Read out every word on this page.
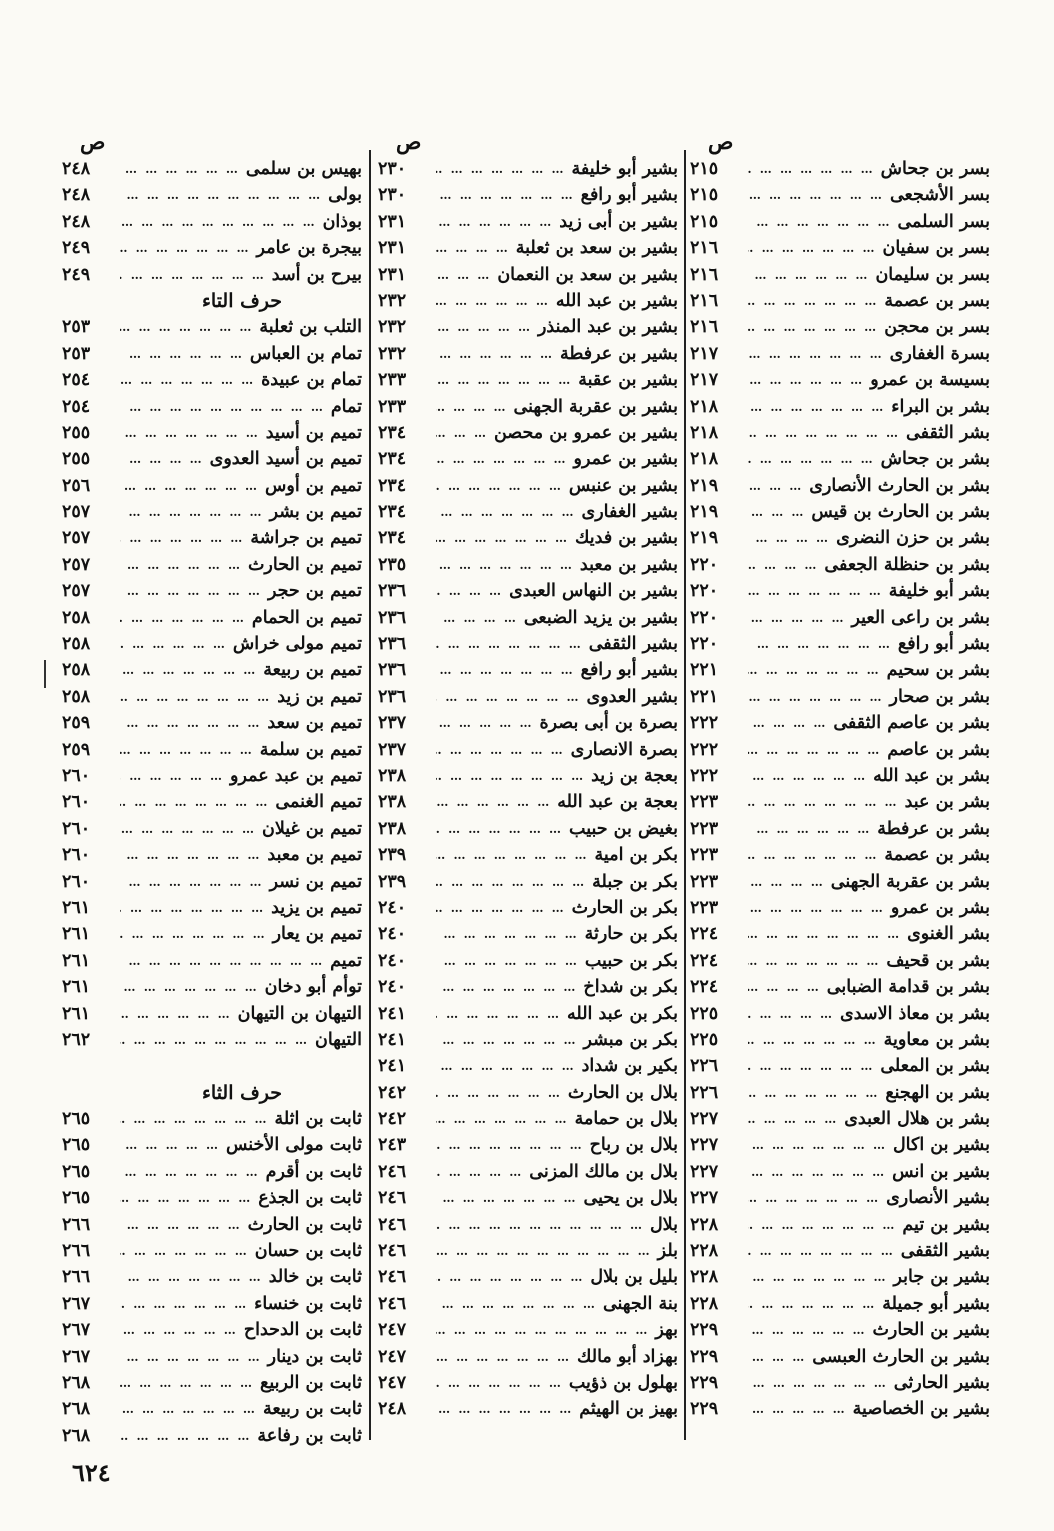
ص
بسر بن جحاش
… … … … … … … … … … … …
٢١٥
بسر الأشجعى
… … … … … … … … … … … …
٢١٥
بسر السلمى
… … … … … … … … … … … …
٢١٥
بسر بن سفيان
… … … … … … … … … … … …
٢١٦
بسر بن سليمان
… … … … … … … … … … … …
٢١٦
بسر بن عصمة
… … … … … … … … … … … …
٢١٦
بسر بن محجن
… … … … … … … … … … … …
٢١٦
بسرة الغفارى
… … … … … … … … … … … …
٢١٧
بسيسة بن عمرو
… … … … … … … … … … … …
٢١٧
بشر بن البراء
… … … … … … … … … … … …
٢١٨
بشر الثقفى
… … … … … … … … … … … …
٢١٨
بشر بن جحاش
… … … … … … … … … … … …
٢١٨
بشر بن الحارث الأنصارى
… … … … … … … … … … … …
٢١٩
بشر بن الحارث بن قيس
… … … … … … … … … … … …
٢١٩
بشر بن حزن النضرى
… … … … … … … … … … … …
٢١٩
بشر بن حنظلة الجعفى
… … … … … … … … … … … …
٢٢٠
بشر أبو خليفة
… … … … … … … … … … … …
٢٢٠
بشر بن راعى العير
… … … … … … … … … … … …
٢٢٠
بشر أبو رافع
… … … … … … … … … … … …
٢٢٠
بشر بن سحيم
… … … … … … … … … … … …
٢٢١
بشر بن صحار
… … … … … … … … … … … …
٢٢١
بشر بن عاصم الثقفى
… … … … … … … … … … … …
٢٢٢
بشر بن عاصم
… … … … … … … … … … … …
٢٢٢
بشر بن عبد الله
… … … … … … … … … … … …
٢٢٢
بشر بن عبد
… … … … … … … … … … … …
٢٢٣
بشر بن عرفطة
… … … … … … … … … … … …
٢٢٣
بشر بن عصمة
… … … … … … … … … … … …
٢٢٣
بشر بن عقربة الجهنى
… … … … … … … … … … … …
٢٢٣
بشر بن عمرو
… … … … … … … … … … … …
٢٢٣
بشر الغنوى
… … … … … … … … … … … …
٢٢٤
بشر بن قحيف
… … … … … … … … … … … …
٢٢٤
بشر بن قدامة الضبابى
… … … … … … … … … … … …
٢٢٤
بشر بن معاذ الاسدى
… … … … … … … … … … … …
٢٢٥
بشر بن معاوية
… … … … … … … … … … … …
٢٢٥
بشر بن المعلى
… … … … … … … … … … … …
٢٢٦
بشر بن الهجنع
… … … … … … … … … … … …
٢٢٦
بشر بن هلال العبدى
… … … … … … … … … … … …
٢٢٧
بشير بن اكال
… … … … … … … … … … … …
٢٢٧
بشير بن انس
… … … … … … … … … … … …
٢٢٧
بشير الأنصارى
… … … … … … … … … … … …
٢٢٧
بشير بن تيم
… … … … … … … … … … … …
٢٢٨
بشير الثقفى
… … … … … … … … … … … …
٢٢٨
بشير بن جابر
… … … … … … … … … … … …
٢٢٨
بشير أبو جميلة
… … … … … … … … … … … …
٢٢٨
بشير بن الحارث
… … … … … … … … … … … …
٢٢٩
بشير بن الحارث العبسى
… … … … … … … … … … … …
٢٢٩
بشير الحارثى
… … … … … … … … … … … …
٢٢٩
بشير بن الخصاصية
… … … … … … … … … … … …
٢٢٩
ص
بشير أبو خليفة
… … … … … … … … … … … …
٢٣٠
بشير أبو رافع
… … … … … … … … … … … …
٢٣٠
بشير بن أبى زيد
… … … … … … … … … … … …
٢٣١
بشير بن سعد بن ثعلبة
… … … … … … … … … … … …
٢٣١
بشير بن سعد بن النعمان
… … … … … … … … … … … …
٢٣١
بشير بن عبد الله
… … … … … … … … … … … …
٢٣٢
بشير بن عبد المنذر
… … … … … … … … … … … …
٢٣٢
بشير بن عرفطة
… … … … … … … … … … … …
٢٣٢
بشير بن عقبة
… … … … … … … … … … … …
٢٣٣
بشير بن عقربة الجهنى
… … … … … … … … … … … …
٢٣٣
بشير بن عمرو بن محصن
… … … … … … … … … … … …
٢٣٤
بشير بن عمرو
… … … … … … … … … … … …
٢٣٤
بشير بن عنبس
… … … … … … … … … … … …
٢٣٤
بشير الغفارى
… … … … … … … … … … … …
٢٣٤
بشير بن فديك
… … … … … … … … … … … …
٢٣٤
بشير بن معبد
… … … … … … … … … … … …
٢٣٥
بشير بن النهاس العبدى
… … … … … … … … … … … …
٢٣٦
بشير بن يزيد الضبعى
… … … … … … … … … … … …
٢٣٦
بشير الثقفى
… … … … … … … … … … … …
٢٣٦
بشير أبو رافع
… … … … … … … … … … … …
٢٣٦
بشير العدوى
… … … … … … … … … … … …
٢٣٦
بصرة بن أبى بصرة
… … … … … … … … … … … …
٢٣٧
بصرة الانصارى
… … … … … … … … … … … …
٢٣٧
بعجة بن زيد
… … … … … … … … … … … …
٢٣٨
بعجة بن عبد الله
… … … … … … … … … … … …
٢٣٨
بغيض بن حبيب
… … … … … … … … … … … …
٢٣٨
بكر بن امية
… … … … … … … … … … … …
٢٣٩
بكر بن جبلة
… … … … … … … … … … … …
٢٣٩
بكر بن الحارث
… … … … … … … … … … … …
٢٤٠
بكر بن حارثة
… … … … … … … … … … … …
٢٤٠
بكر بن حبيب
… … … … … … … … … … … …
٢٤٠
بكر بن شداخ
… … … … … … … … … … … …
٢٤٠
بكر بن عبد الله
… … … … … … … … … … … …
٢٤١
بكر بن مبشر
… … … … … … … … … … … …
٢٤١
بكير بن شداد
… … … … … … … … … … … …
٢٤١
بلال بن الحارث
… … … … … … … … … … … …
٢٤٢
بلال بن حمامة
… … … … … … … … … … … …
٢٤٢
بلال بن رباح
… … … … … … … … … … … …
٢٤٣
بلال بن مالك المزنى
… … … … … … … … … … … …
٢٤٦
بلال بن يحيى
… … … … … … … … … … … …
٢٤٦
بلال
… … … … … … … … … … … …
٢٤٦
بلز
… … … … … … … … … … … …
٢٤٦
بليل بن بلال
… … … … … … … … … … … …
٢٤٦
بنة الجهنى
… … … … … … … … … … … …
٢٤٦
بهز
… … … … … … … … … … … …
٢٤٧
بهزاد أبو مالك
… … … … … … … … … … … …
٢٤٧
بهلول بن ذؤيب
… … … … … … … … … … … …
٢٤٧
بهيز بن الهيثم
… … … … … … … … … … … …
٢٤٨
ص
بهيس بن سلمى
… … … … … … … … … … … …
٢٤٨
بولى
… … … … … … … … … … … …
٢٤٨
بوذان
… … … … … … … … … … … …
٢٤٨
بيجرة بن عامر
… … … … … … … … … … … …
٢٤٩
بيرح بن أسد
… … … … … … … … … … … …
٢٤٩
حرف التاء
التلب بن ثعلبة
… … … … … … … … … … … …
٢٥٣
تمام بن العباس
… … … … … … … … … … … …
٢٥٣
تمام بن عبيدة
… … … … … … … … … … … …
٢٥٤
تمام
… … … … … … … … … … … …
٢٥٤
تميم بن أسيد
… … … … … … … … … … … …
٢٥٥
تميم بن أسيد العدوى
… … … … … … … … … … … …
٢٥٥
تميم بن أوس
… … … … … … … … … … … …
٢٥٦
تميم بن بشر
… … … … … … … … … … … …
٢٥٧
تميم بن جراشة
… … … … … … … … … … … …
٢٥٧
تميم بن الحارث
… … … … … … … … … … … …
٢٥٧
تميم بن حجر
… … … … … … … … … … … …
٢٥٧
تميم بن الحمام
… … … … … … … … … … … …
٢٥٨
تميم مولى خراش
… … … … … … … … … … … …
٢٥٨
تميم بن ربيعة
… … … … … … … … … … … …
٢٥٨
تميم بن زيد
… … … … … … … … … … … …
٢٥٨
تميم بن سعد
… … … … … … … … … … … …
٢٥٩
تميم بن سلمة
… … … … … … … … … … … …
٢٥٩
تميم بن عبد عمرو
… … … … … … … … … … … …
٢٦٠
تميم الغنمى
… … … … … … … … … … … …
٢٦٠
تميم بن غيلان
… … … … … … … … … … … …
٢٦٠
تميم بن معبد
… … … … … … … … … … … …
٢٦٠
تميم بن نسر
… … … … … … … … … … … …
٢٦٠
تميم بن يزيد
… … … … … … … … … … … …
٢٦١
تميم بن يعار
… … … … … … … … … … … …
٢٦١
تميم
… … … … … … … … … … … …
٢٦١
توأم أبو دخان
… … … … … … … … … … … …
٢٦١
التيهان بن التيهان
… … … … … … … … … … … …
٢٦١
التيهان
… … … … … … … … … … … …
٢٦٢
حرف الثاء
ثابت بن اثلة
… … … … … … … … … … … …
٢٦٥
ثابت مولى الأخنس
… … … … … … … … … … … …
٢٦٥
ثابت بن أقرم
… … … … … … … … … … … …
٢٦٥
ثابت بن الجذع
… … … … … … … … … … … …
٢٦٥
ثابت بن الحارث
… … … … … … … … … … … …
٢٦٦
ثابت بن حسان
… … … … … … … … … … … …
٢٦٦
ثابت بن خالد
… … … … … … … … … … … …
٢٦٦
ثابت بن خنساء
… … … … … … … … … … … …
٢٦٧
ثابت بن الدحداح
… … … … … … … … … … … …
٢٦٧
ثابت بن دينار
… … … … … … … … … … … …
٢٦٧
ثابت بن الربيع
… … … … … … … … … … … …
٢٦٨
ثابت بن ربيعة
… … … … … … … … … … … …
٢٦٨
ثابت بن رفاعة
… … … … … … … … … … … …
٢٦٨
٦٢٤
